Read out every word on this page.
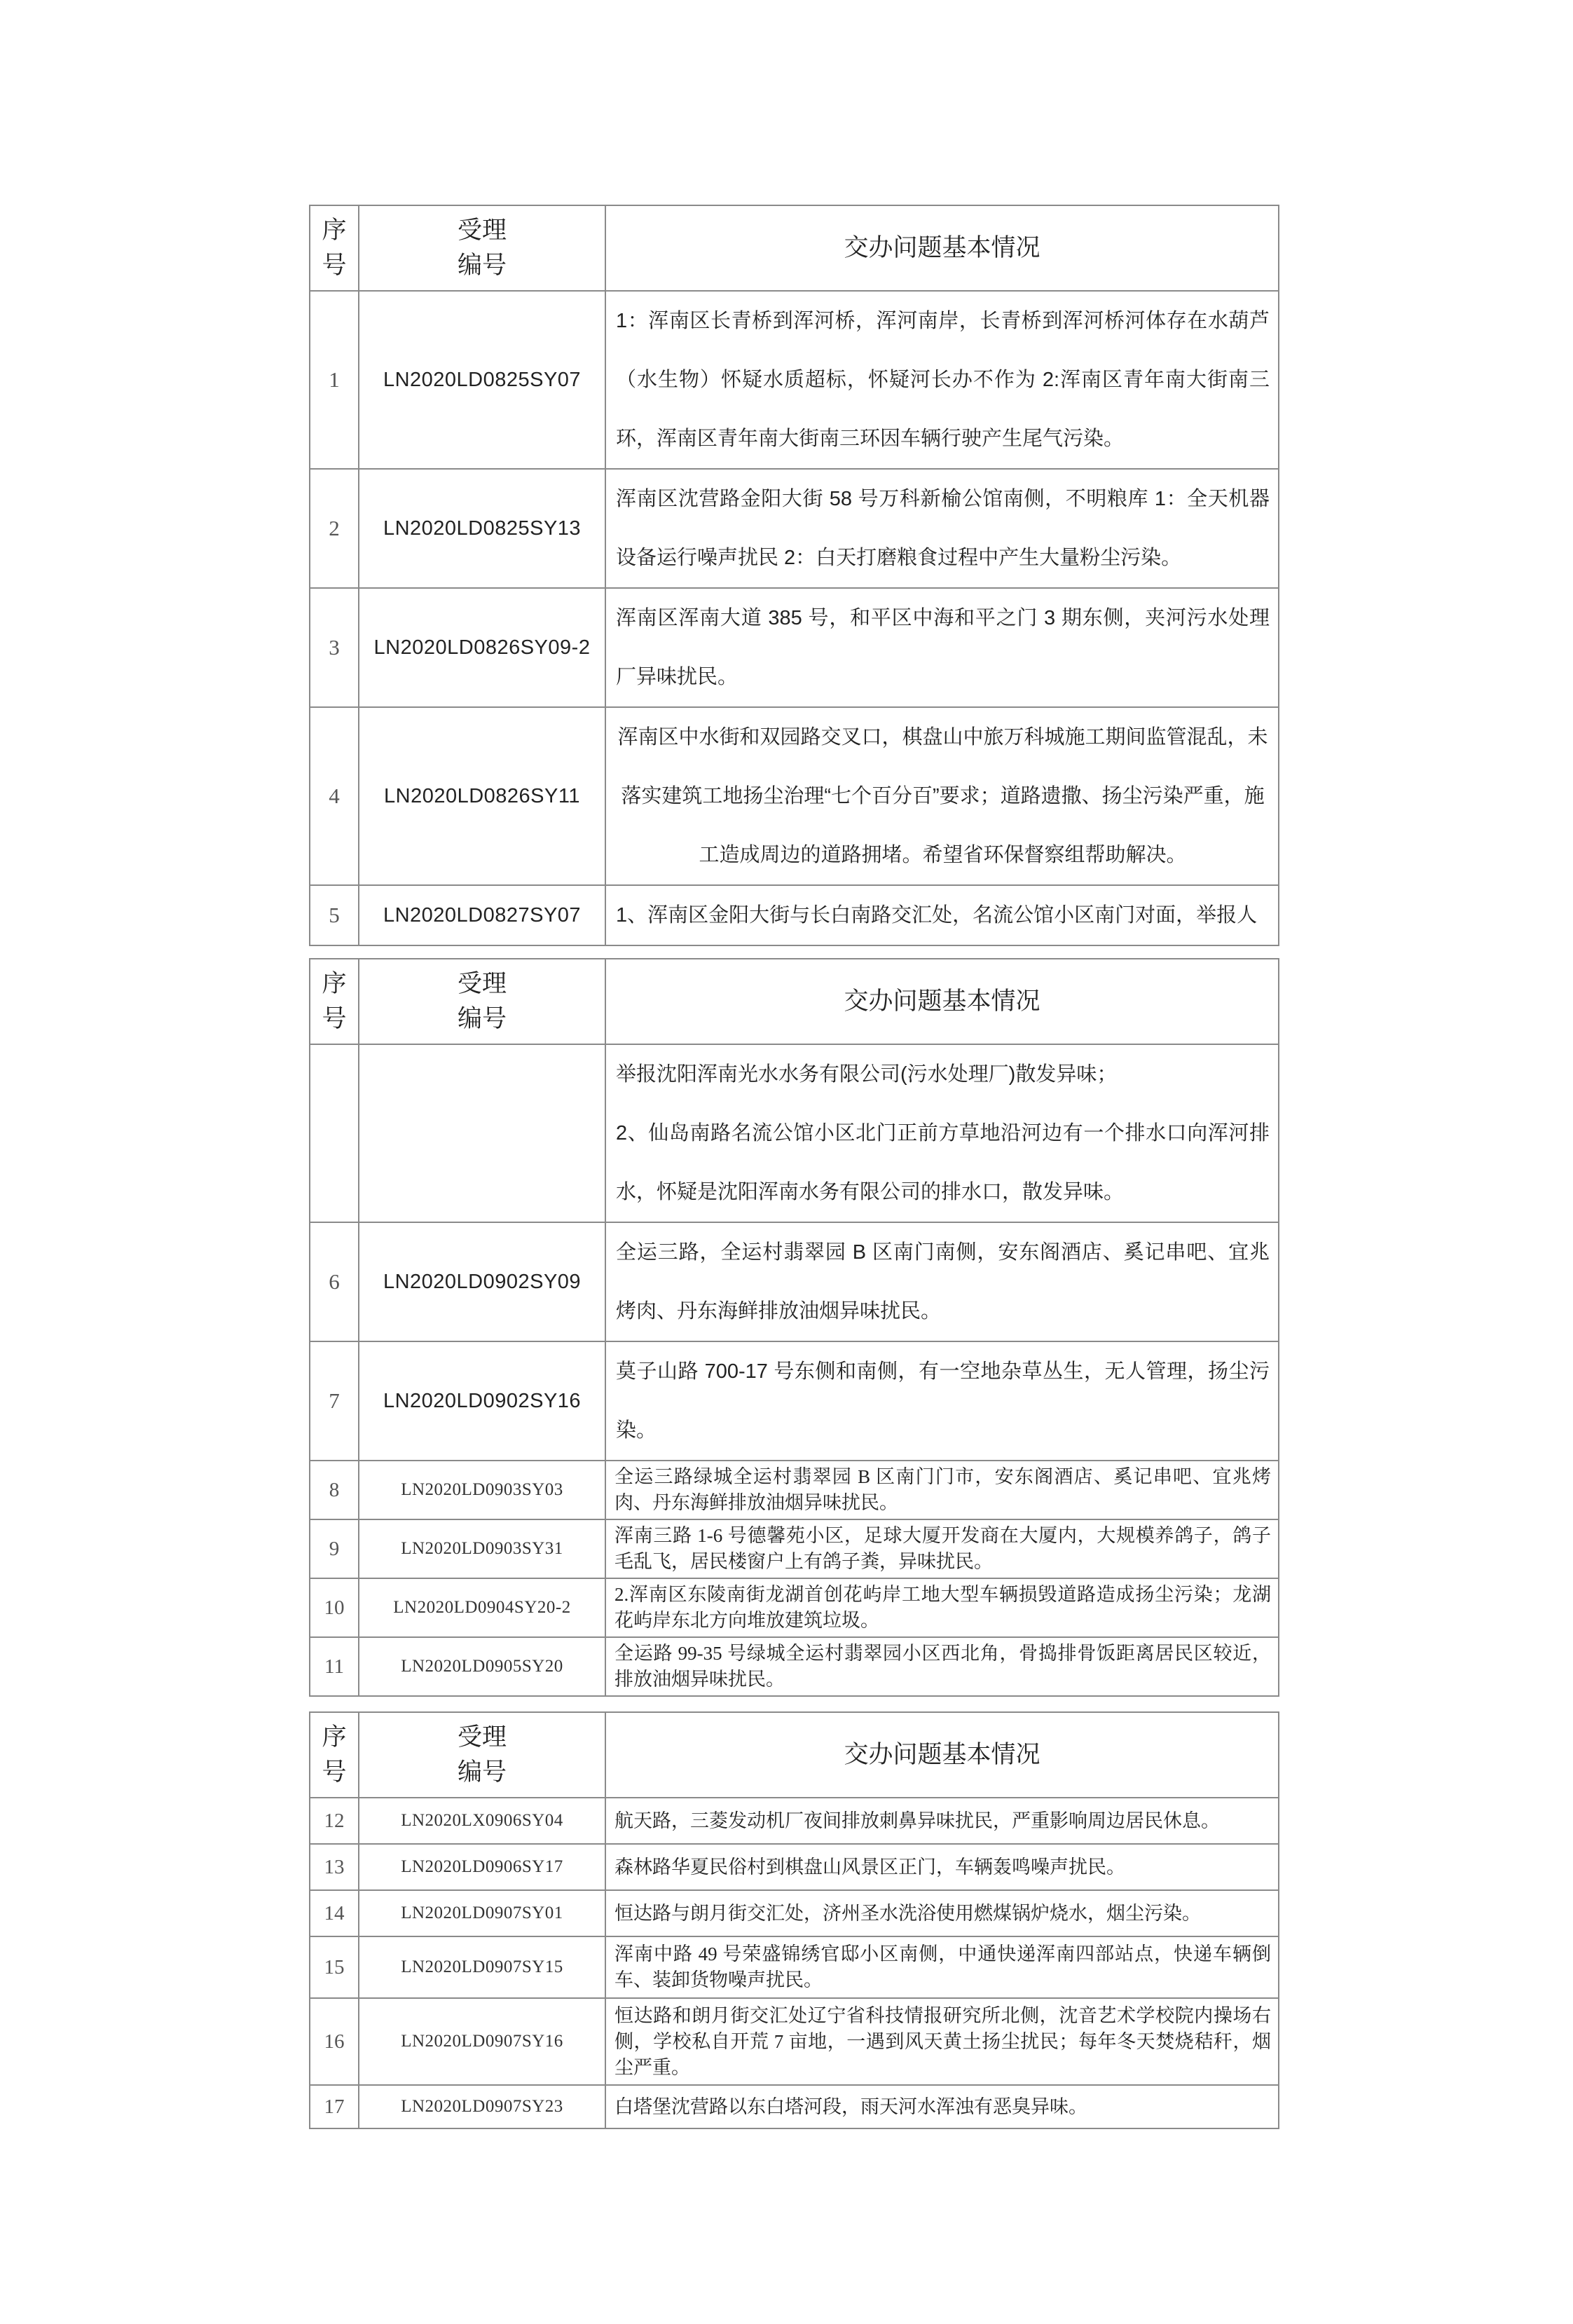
序号	受理编号	交办问题基本情况
1	LN2020LD0825SY07	1：浑南区长青桥到浑河桥，浑河南岸，长青桥到浑河桥河体存在水葫芦（水生物）怀疑水质超标，怀疑河长办不作为 2:浑南区青年南大街南三环，浑南区青年南大街南三环因车辆行驶产生尾气污染。
2	LN2020LD0825SY13	浑南区沈营路金阳大街 58 号万科新榆公馆南侧，不明粮库 1：全天机器设备运行噪声扰民 2：白天打磨粮食过程中产生大量粉尘污染。
3	LN2020LD0826SY09-2	浑南区浑南大道 385 号，和平区中海和平之门 3 期东侧，夹河污水处理厂异味扰民。
4	LN2020LD0826SY11	浑南区中水街和双园路交叉口，棋盘山中旅万科城施工期间监管混乱，未落实建筑工地扬尘治理“七个百分百”要求；道路遗撒、扬尘污染严重，施工造成周边的道路拥堵。希望省环保督察组帮助解决。
5	LN2020LD0827SY07	1、浑南区金阳大街与长白南路交汇处，名流公馆小区南门对面，举报人
序号	受理编号	交办问题基本情况

		举报沈阳浑南光水水务有限公司(污水处理厂)散发异味；
2、仙岛南路名流公馆小区北门正前方草地沿河边有一个排水口向浑河排水，怀疑是沈阳浑南水务有限公司的排水口，散发异味。

6	LN2020LD0902SY09	全运三路，全运村翡翠园 B 区南门南侧，安东阁酒店、奚记串吧、宜兆烤肉、丹东海鲜排放油烟异味扰民。
7	LN2020LD0902SY16	莫子山路 700-17 号东侧和南侧，有一空地杂草丛生，无人管理，扬尘污染。
8	LN2020LD0903SY03	全运三路绿城全运村翡翠园 B 区南门门市，安东阁酒店、奚记串吧、宜兆烤肉、丹东海鲜排放油烟异味扰民。
9	LN2020LD0903SY31	浑南三路 1-6 号德馨苑小区，足球大厦开发商在大厦内，大规模养鸽子，鸽子毛乱飞，居民楼窗户上有鸽子粪，异味扰民。
10	LN2020LD0904SY20-2	2.浑南区东陵南街龙湖首创花屿岸工地大型车辆损毁道路造成扬尘污染；龙湖花屿岸东北方向堆放建筑垃圾。
11	LN2020LD0905SY20	全运路 99-35 号绿城全运村翡翠园小区西北角，骨捣排骨饭距离居民区较近，排放油烟异味扰民。
序号	受理编号	交办问题基本情况
12	LN2020LX0906SY04	航天路，三菱发动机厂夜间排放刺鼻异味扰民，严重影响周边居民休息。
13	LN2020LD0906SY17	森林路华夏民俗村到棋盘山风景区正门，车辆轰鸣噪声扰民。
14	LN2020LD0907SY01	恒达路与朗月街交汇处，济州圣水洗浴使用燃煤锅炉烧水，烟尘污染。
15	LN2020LD0907SY15	浑南中路 49 号荣盛锦绣官邸小区南侧，中通快递浑南四部站点，快递车辆倒车、装卸货物噪声扰民。
16	LN2020LD0907SY16	恒达路和朗月街交汇处辽宁省科技情报研究所北侧，沈音艺术学校院内操场右侧，学校私自开荒 7 亩地，一遇到风天黄土扬尘扰民；每年冬天焚烧秸秆，烟尘严重。
17	LN2020LD0907SY23	白塔堡沈营路以东白塔河段，雨天河水浑浊有恶臭异味。
